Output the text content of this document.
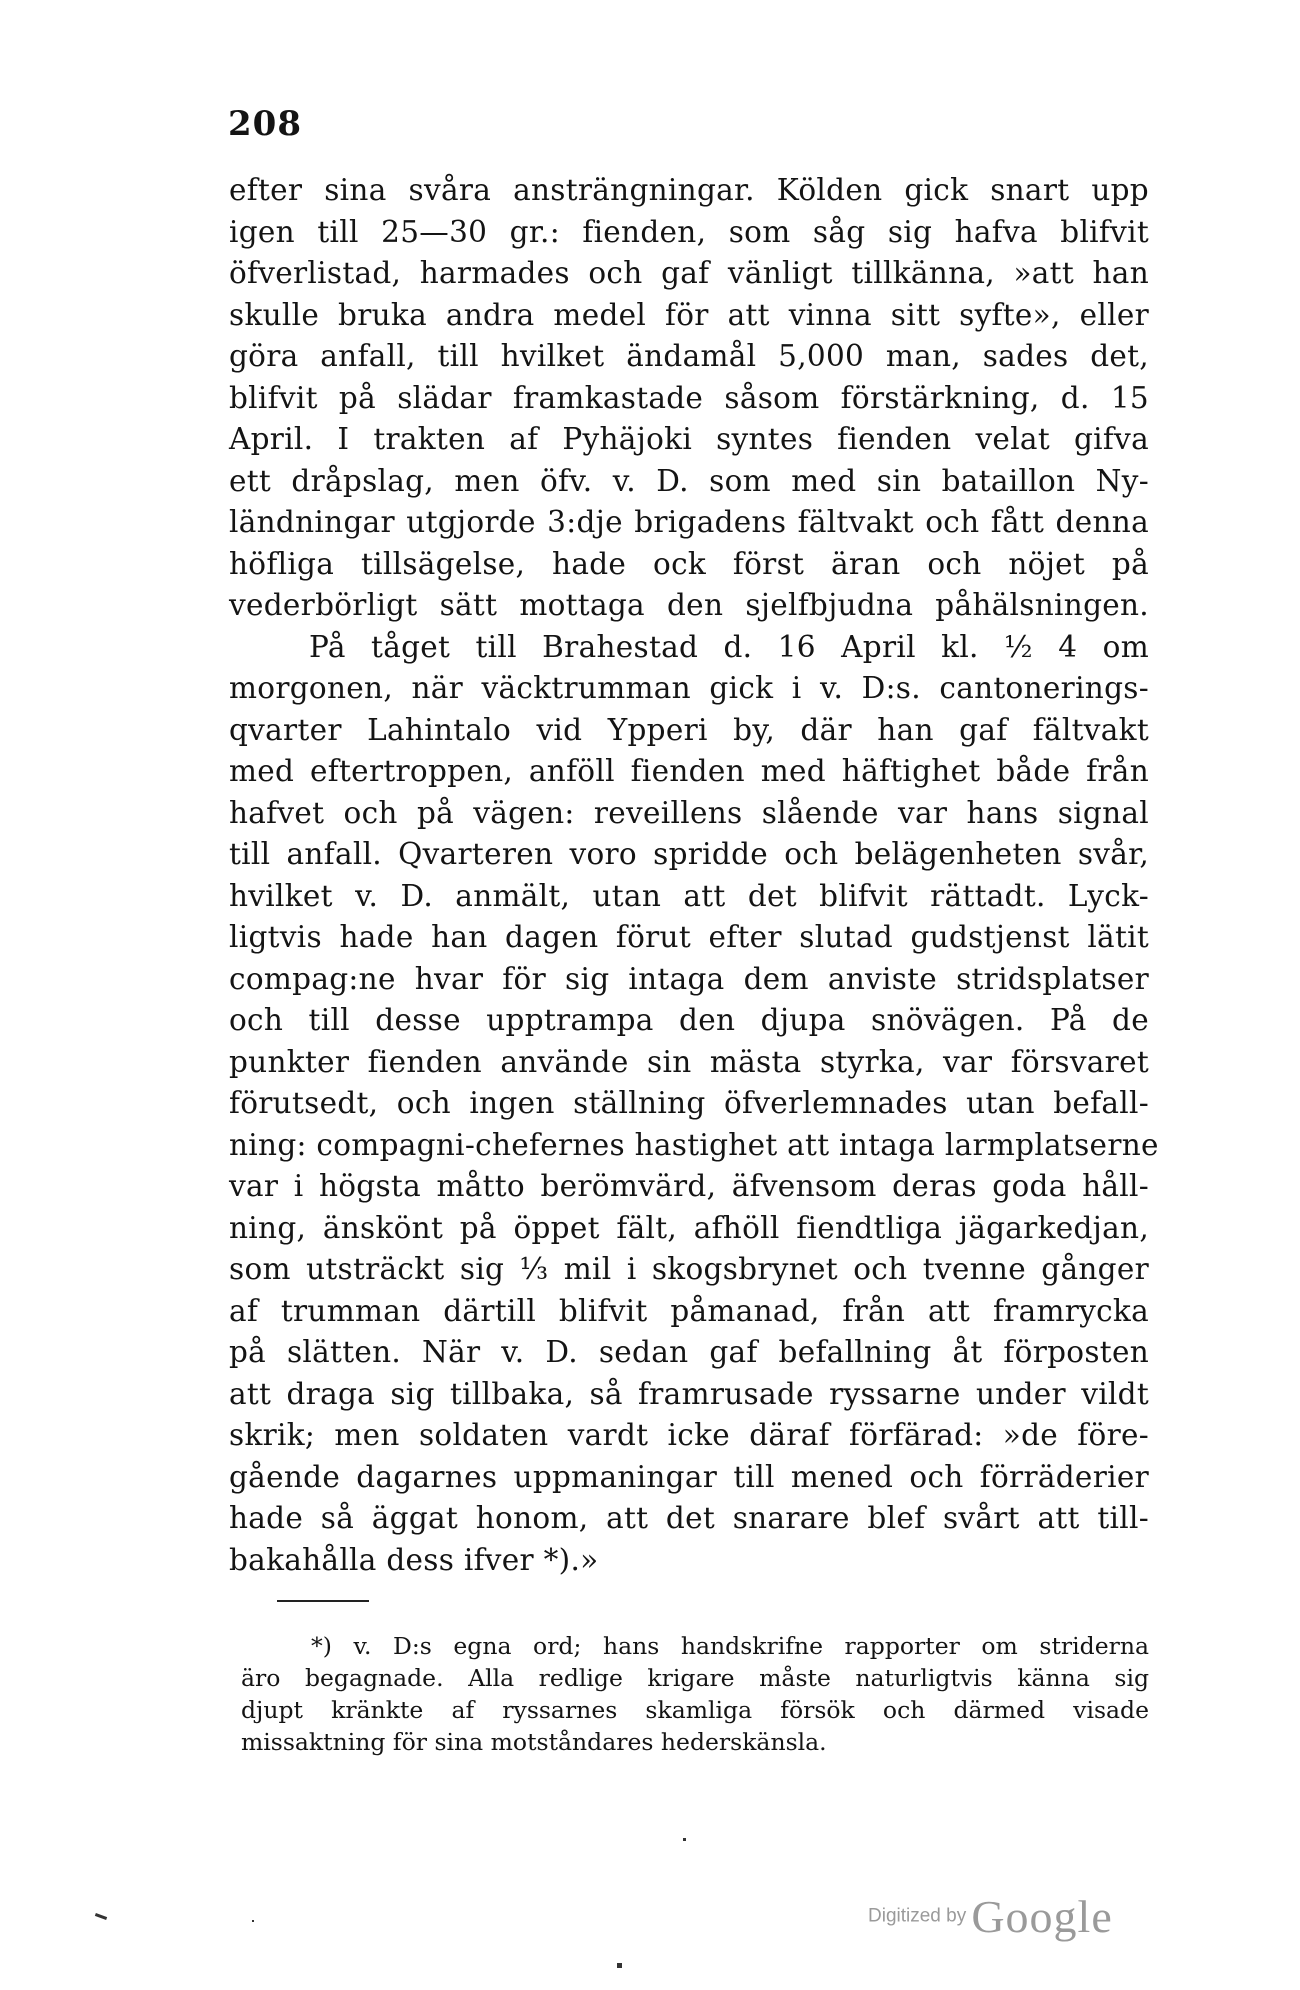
208
efter sina svåra ansträngningar. Kölden gick snart upp
igen till 25—30 gr.: fienden, som såg sig hafva blifvit
öfverlistad, harmades och gaf vänligt tillkänna, »att han
skulle bruka andra medel för att vinna sitt syfte», eller
göra anfall, till hvilket ändamål 5,000 man, sades det,
blifvit på slädar framkastade såsom förstärkning, d. 15
April. I trakten af Pyhäjoki syntes fienden velat gifva
ett dråpslag, men öfv. v. D. som med sin bataillon Ny-
ländningar utgjorde 3:dje brigadens fältvakt och fått denna
höfliga tillsägelse, hade ock först äran och nöjet på
vederbörligt sätt mottaga den sjelfbjudna påhälsningen.
På tåget till Brahestad d. 16 April kl. ½ 4 om
morgonen, när väcktrumman gick i v. D:s. cantonerings-
qvarter Lahintalo vid Ypperi by, där han gaf fältvakt
med eftertroppen, anföll fienden med häftighet både från
hafvet och på vägen: reveillens slående var hans signal
till anfall. Qvarteren voro spridde och belägenheten svår,
hvilket v. D. anmält, utan att det blifvit rättadt. Lyck-
ligtvis hade han dagen förut efter slutad gudstjenst lätit
compag:ne hvar för sig intaga dem anviste stridsplatser
och till desse upptrampa den djupa snövägen. På de
punkter fienden använde sin mästa styrka, var försvaret
förutsedt, och ingen ställning öfverlemnades utan befall-
ning: compagni-chefernes hastighet att intaga larmplatserne
var i högsta måtto berömvärd, äfvensom deras goda håll-
ning, änskönt på öppet fält, afhöll fiendtliga jägarkedjan,
som utsträckt sig ⅓ mil i skogsbrynet och tvenne gånger
af trumman därtill blifvit påmanad, från att framrycka
på slätten. När v. D. sedan gaf befallning åt förposten
att draga sig tillbaka, så framrusade ryssarne under vildt
skrik; men soldaten vardt icke däraf förfärad: »de före-
gående dagarnes uppmaningar till mened och förräderier
hade så äggat honom, att det snarare blef svårt att till-
bakahålla dess ifver *).»
*) v. D:s egna ord; hans handskrifne rapporter om striderna
äro begagnade. Alla redlige krigare måste naturligtvis känna sig
djupt kränkte af ryssarnes skamliga försök och därmed visade
missaktning för sina motståndares hederskänsla.
Digitized by Google
